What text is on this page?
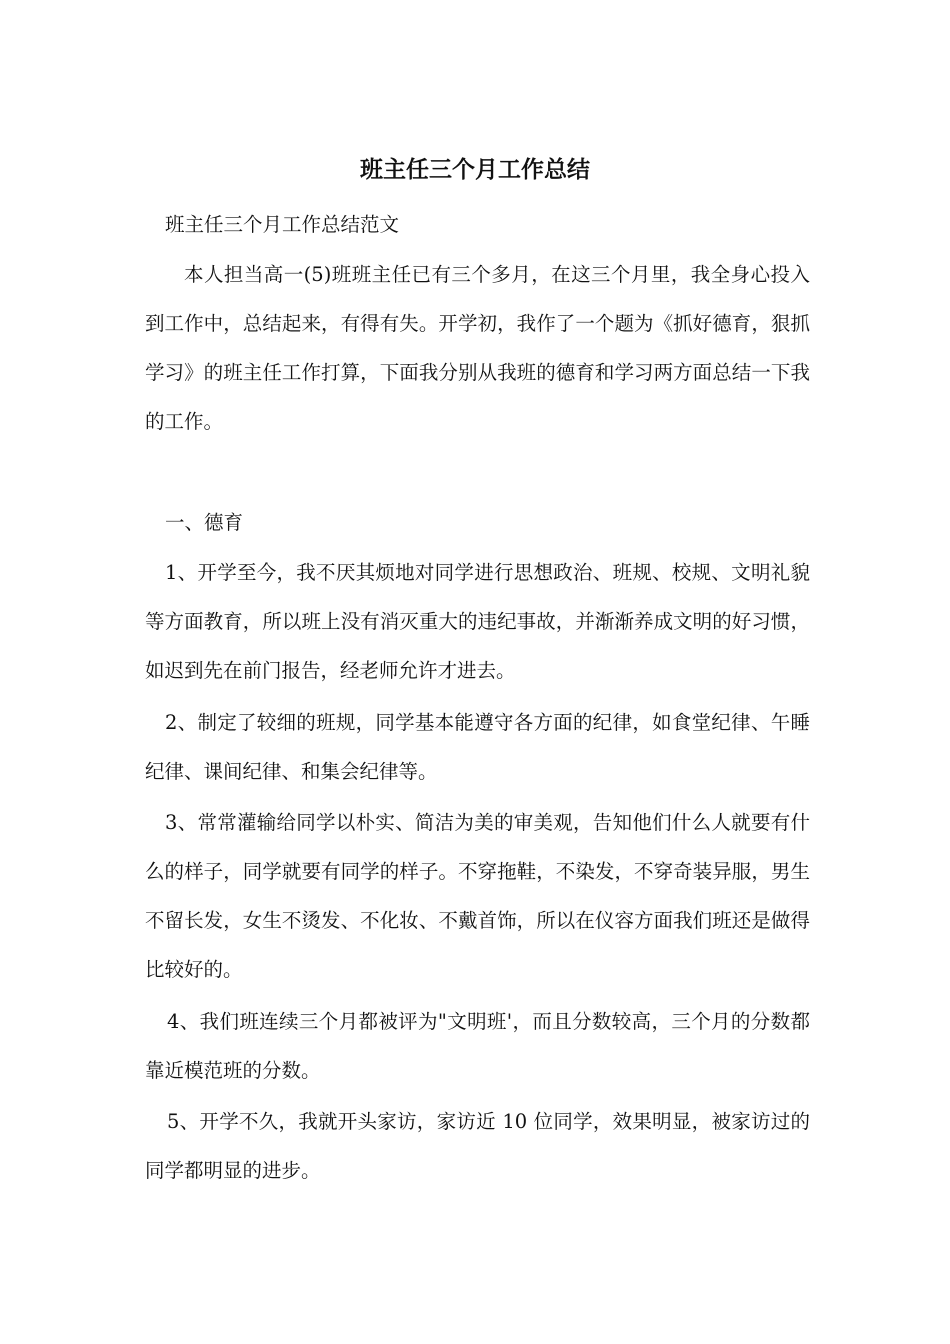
班主任三个月工作总结

班主任三个月工作总结范文

本人担当高一(5)班班主任已有三个多月，在这三个月里，我全身心投入到工作中，总结起来，有得有失。开学初，我作了一个题为《抓好德育，狠抓学习》的班主任工作打算，下面我分别从我班的德育和学习两方面总结一下我的工作。

一、德育

1、开学至今，我不厌其烦地对同学进行思想政治、班规、校规、文明礼貌等方面教育，所以班上没有消灭重大的违纪事故，并渐渐养成文明的好习惯，如迟到先在前门报告，经老师允许才进去。

2、制定了较细的班规，同学基本能遵守各方面的纪律，如食堂纪律、午睡纪律、课间纪律、和集会纪律等。

3、常常灌输给同学以朴实、简洁为美的审美观，告知他们什么人就要有什么的样子，同学就要有同学的样子。不穿拖鞋，不染发，不穿奇装异服，男生不留长发，女生不烫发、不化妆、不戴首饰，所以在仪容方面我们班还是做得比较好的。

4、我们班连续三个月都被评为"文明班'，而且分数较高，三个月的分数都靠近模范班的分数。

5、开学不久，我就开头家访，家访近 10 位同学，效果明显，被家访过的同学都明显的进步。
